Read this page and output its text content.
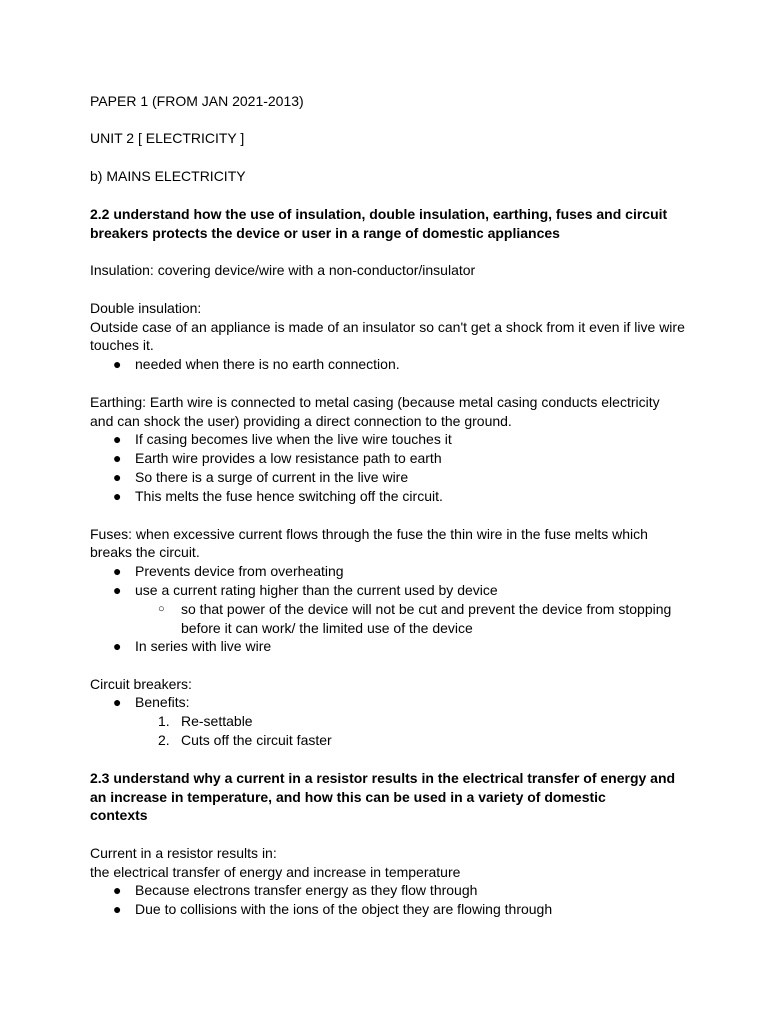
PAPER 1 (FROM JAN 2021-2013)
UNIT 2 [ ELECTRICITY ]
b) MAINS ELECTRICITY
2.2 understand how the use of insulation, double insulation, earthing, fuses and circuit
breakers protects the device or user in a range of domestic appliances
Insulation: covering device/wire with a non-conductor/insulator
Double insulation:
Outside case of an appliance is made of an insulator so can't get a shock from it even if live wire
touches it.
● needed when there is no earth connection.
Earthing: Earth wire is connected to metal casing (because metal casing conducts electricity
and can shock the user) providing a direct connection to the ground.
● If casing becomes live when the live wire touches it
● Earth wire provides a low resistance path to earth
● So there is a surge of current in the live wire
● This melts the fuse hence switching off the circuit.
Fuses: when excessive current flows through the fuse the thin wire in the fuse melts which
breaks the circuit.
● Prevents device from overheating
● use a current rating higher than the current used by device
○ so that power of the device will not be cut and prevent the device from stopping
before it can work/ the limited use of the device
● In series with live wire
Circuit breakers:
● Benefits:
1. Re-settable
2. Cuts off the circuit faster
2.3 understand why a current in a resistor results in the electrical transfer of energy and
an increase in temperature, and how this can be used in a variety of domestic
contexts
Current in a resistor results in:
the electrical transfer of energy and increase in temperature
● Because electrons transfer energy as they flow through
● Due to collisions with the ions of the object they are flowing through
